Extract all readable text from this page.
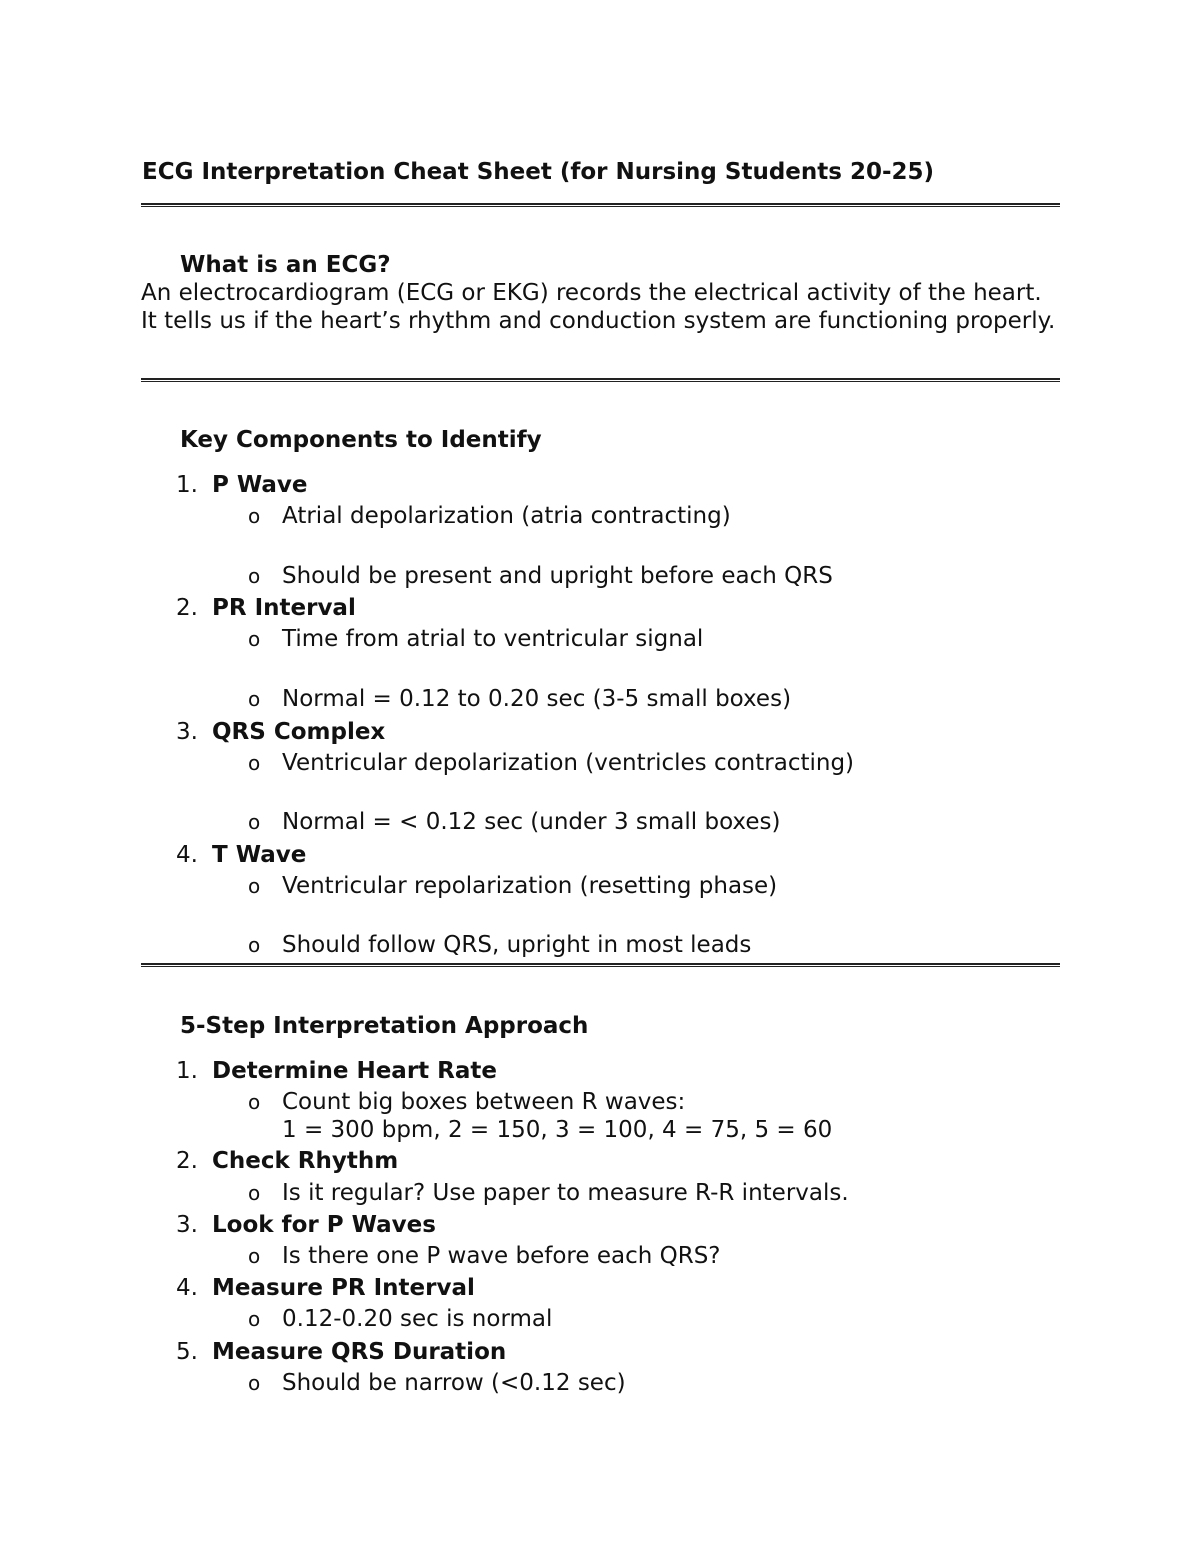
ECG Interpretation Cheat Sheet (for Nursing Students 20-25)
What is an ECG?
An electrocardiogram (ECG or EKG) records the electrical activity of the heart. It tells us if the heart’s rhythm and conduction system are functioning properly.
Key Components to Identify
1. P Wave
o Atrial depolarization (atria contracting)
o Should be present and upright before each QRS
2. PR Interval
o Time from atrial to ventricular signal
o Normal = 0.12 to 0.20 sec (3-5 small boxes)
3. QRS Complex
o Ventricular depolarization (ventricles contracting)
o Normal = < 0.12 sec (under 3 small boxes)
4. T Wave
o Ventricular repolarization (resetting phase)
o Should follow QRS, upright in most leads
5-Step Interpretation Approach
1. Determine Heart Rate
o Count big boxes between R waves:
1 = 300 bpm, 2 = 150, 3 = 100, 4 = 75, 5 = 60
2. Check Rhythm
o Is it regular? Use paper to measure R-R intervals.
3. Look for P Waves
o Is there one P wave before each QRS?
4. Measure PR Interval
o 0.12-0.20 sec is normal
5. Measure QRS Duration
o Should be narrow (<0.12 sec)
